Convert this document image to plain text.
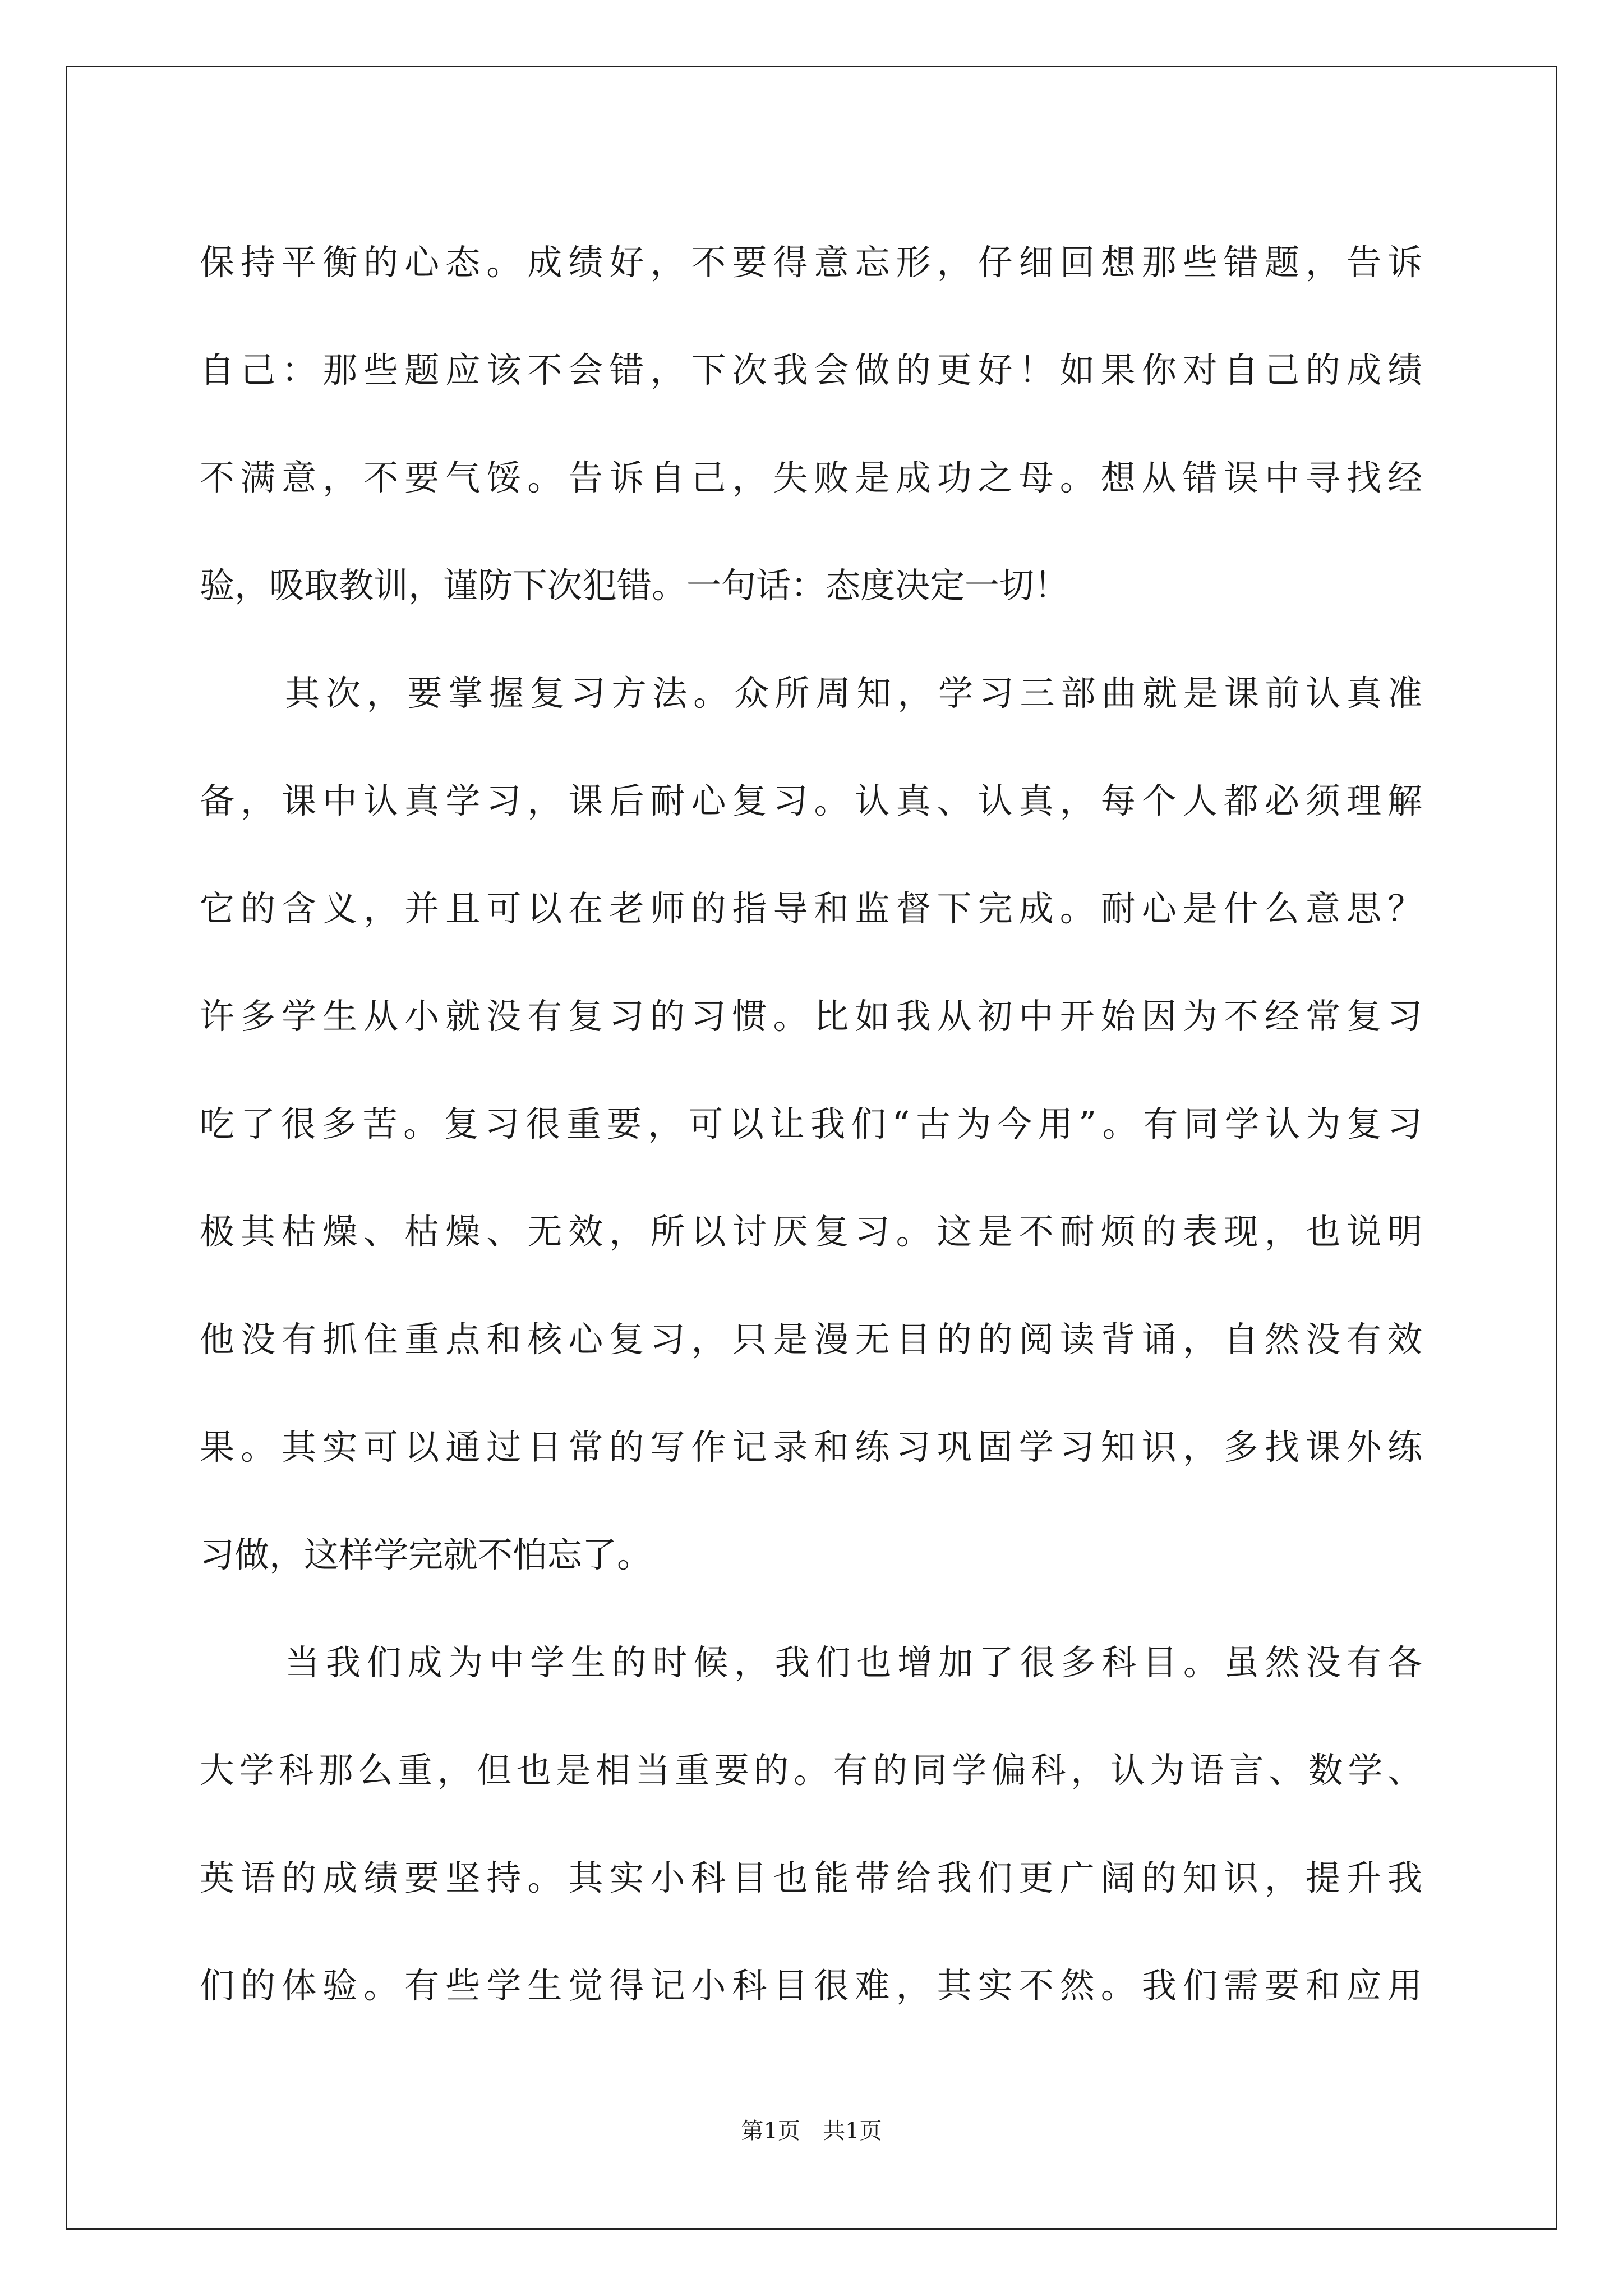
保持平衡的心态。成绩好，不要得意忘形，仔细回想那些错题，告诉
自己：那些题应该不会错，下次我会做的更好！如果你对自己的成绩
不满意，不要气馁。告诉自己，失败是成功之母。想从错误中寻找经
验，吸取教训，谨防下次犯错。一句话：态度决定一切！
其次，要掌握复习方法。众所周知，学习三部曲就是课前认真准
备，课中认真学习，课后耐心复习。认真、认真，每个人都必须理解
它的含义，并且可以在老师的指导和监督下完成。耐心是什么意思？
许多学生从小就没有复习的习惯。比如我从初中开始因为不经常复习
吃了很多苦。复习很重要，可以让我们“古为今用”。有同学认为复习
极其枯燥、枯燥、无效，所以讨厌复习。这是不耐烦的表现，也说明
他没有抓住重点和核心复习，只是漫无目的的阅读背诵，自然没有效
果。其实可以通过日常的写作记录和练习巩固学习知识，多找课外练
习做，这样学完就不怕忘了。
当我们成为中学生的时候，我们也增加了很多科目。虽然没有各
大学科那么重，但也是相当重要的。有的同学偏科，认为语言、数学、
英语的成绩要坚持。其实小科目也能带给我们更广阔的知识，提升我
们的体验。有些学生觉得记小科目很难，其实不然。我们需要和应用
第1页 共1页
